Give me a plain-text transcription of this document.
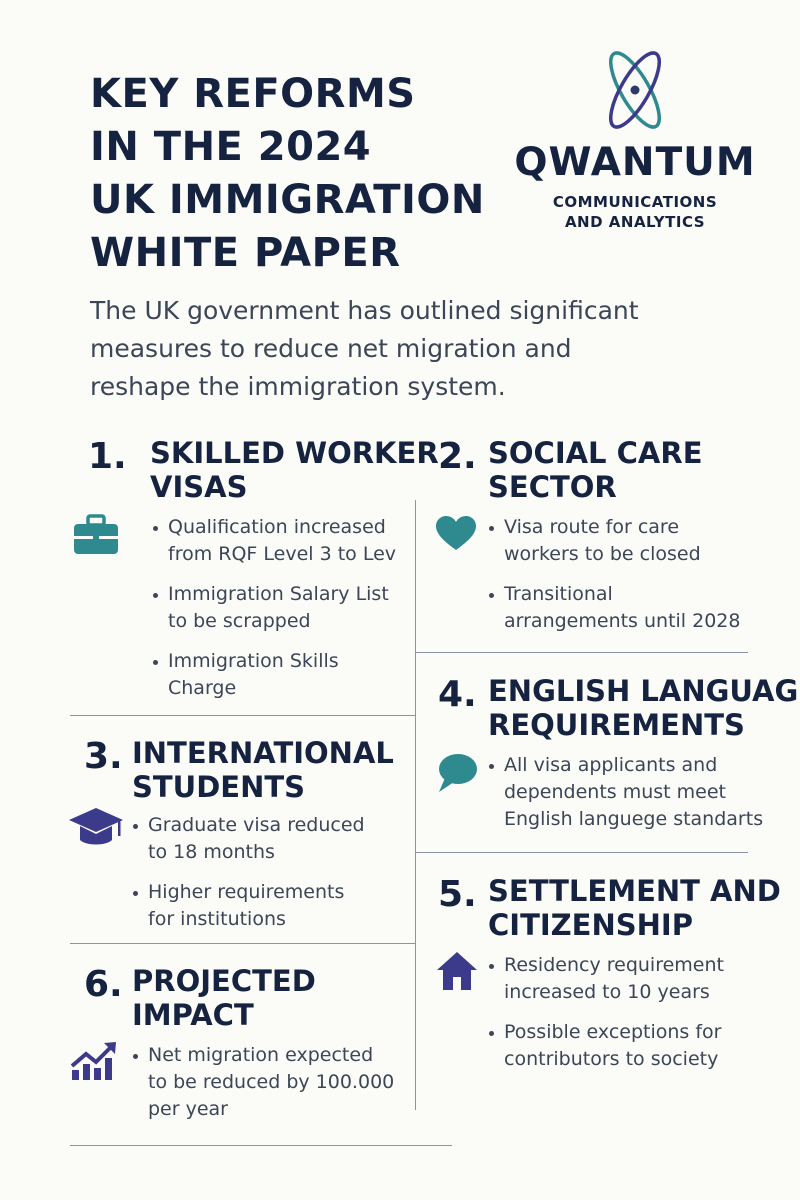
KEY REFORMS
IN THE 2024
UK IMMIGRATION
WHITE PAPER
QWANTUM
COMMUNICATIONS
AND ANALYTICS

The UK government has outlined significant
measures to reduce net migration and
reshape the immigration system.

1. SKILLED WORKER
VISAS
Qualification increased
from RQF Level 3 to Lev
Immigration Salary List
to be scrapped
Immigration Skills
Charge
2. SOCIAL CARE
SECTOR
Visa route for care
workers to be closed
Transitional
arrangements until 2028
3. INTERNATIONAL
STUDENTS
Graduate visa reduced
to 18 months
Higher requirements
for institutions
4. ENGLISH LANGUAG
REQUIREMENTS
All visa applicants and
dependents must meet
English languege standarts
5. SETTLEMENT AND
CITIZENSHIP
Residency requirement
increased to 10 years
Possible exceptions for
contributors to society
6. PROJECTED
IMPACT
Net migration expected
to be reduced by 100.000
per year
